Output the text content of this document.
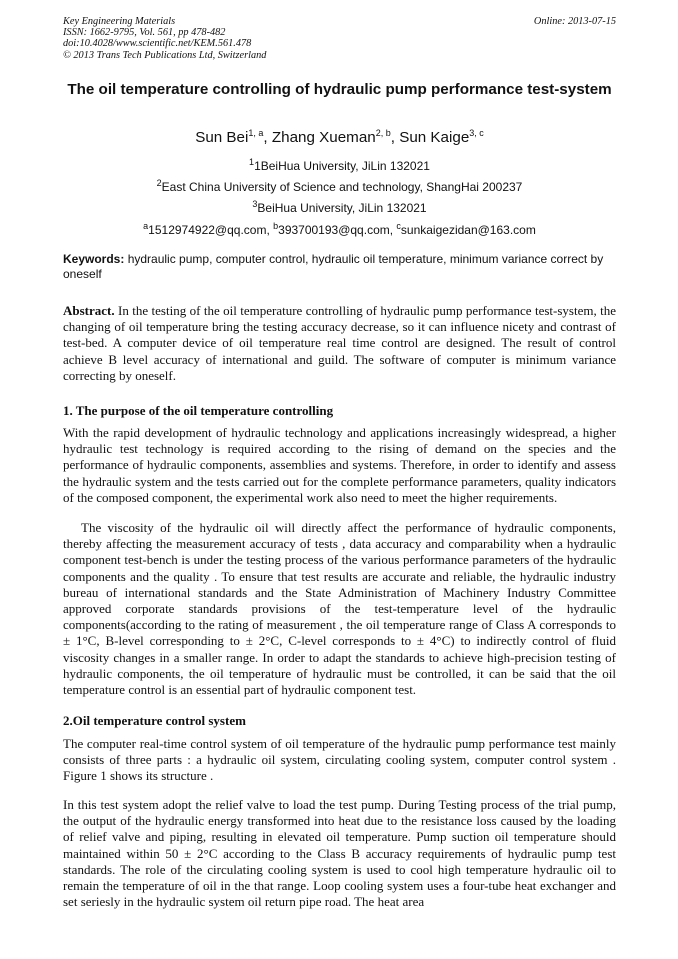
Key Engineering Materials
ISSN: 1662-9795, Vol. 561, pp 478-482
doi:10.4028/www.scientific.net/KEM.561.478
© 2013 Trans Tech Publications Ltd, Switzerland
Online: 2013-07-15
The oil temperature controlling of hydraulic pump performance test-system
Sun Bei$^{1, a}$, Zhang Xueman$^{2, b}$, Sun Kaige$^{3, c}$
$^1$1BeiHua University, JiLin 132021
$^2$East China University of Science and technology, ShangHai 200237
$^3$BeiHua University, JiLin 132021
$^a$1512974922@qq.com, $^b$393700193@qq.com, $^c$sunkaigezidan@163.com
Keywords: hydraulic pump, computer control, hydraulic oil temperature, minimum variance correct by oneself
Abstract. In the testing of the oil temperature controlling of hydraulic pump performance test-system, the changing of oil temperature bring the testing accuracy decrease, so it can influence nicety and contrast of test-bed. A computer device of oil temperature real time control are designed. The result of control achieve B level accuracy of international and guild. The software of computer is minimum variance correcting by oneself.
1. The purpose of the oil temperature controlling
With the rapid development of hydraulic technology and applications increasingly widespread, a higher hydraulic test technology is required according to the rising of demand on the species and the performance of hydraulic components, assemblies and systems. Therefore, in order to identify and assess the hydraulic system and the tests carried out for the complete performance parameters, quality indicators of the composed component, the experimental work also need to meet the higher requirements.
The viscosity of the hydraulic oil will directly affect the performance of hydraulic components, thereby affecting the measurement accuracy of tests , data accuracy and comparability when a hydraulic component test-bench is under the testing process of the various performance parameters of the hydraulic components and the quality . To ensure that test results are accurate and reliable, the hydraulic industry bureau of international standards and the State Administration of Machinery Industry Committee approved corporate standards provisions of the test-temperature level of the hydraulic components(according to the rating of measurement , the oil temperature range of Class A corresponds to ± 1°C, B-level corresponding to ± 2°C, C-level corresponds to ± 4°C) to indirectly control of fluid viscosity changes in a smaller range. In order to adapt the standards to achieve high-precision testing of hydraulic components, the oil temperature of hydraulic must be controlled, it can be said that the oil temperature control is an essential part of hydraulic component test.
2.Oil temperature control system
The computer real-time control system of oil temperature of the hydraulic pump performance test mainly consists of three parts : a hydraulic oil system, circulating cooling system, computer control system . Figure 1 shows its structure .
In this test system adopt the relief valve to load the test pump. During Testing process of the trial pump, the output of the hydraulic energy transformed into heat due to the resistance loss caused by the loading of relief valve and piping, resulting in elevated oil temperature. Pump suction oil temperature should maintained within 50 ± 2°C according to the Class B accuracy requirements of hydraulic pump test standards. The role of the circulating cooling system is used to cool high temperature hydraulic oil to remain the temperature of oil in the that range. Loop cooling system uses a four-tube heat exchanger and set seriesly in the hydraulic system oil return pipe road. The heat area
